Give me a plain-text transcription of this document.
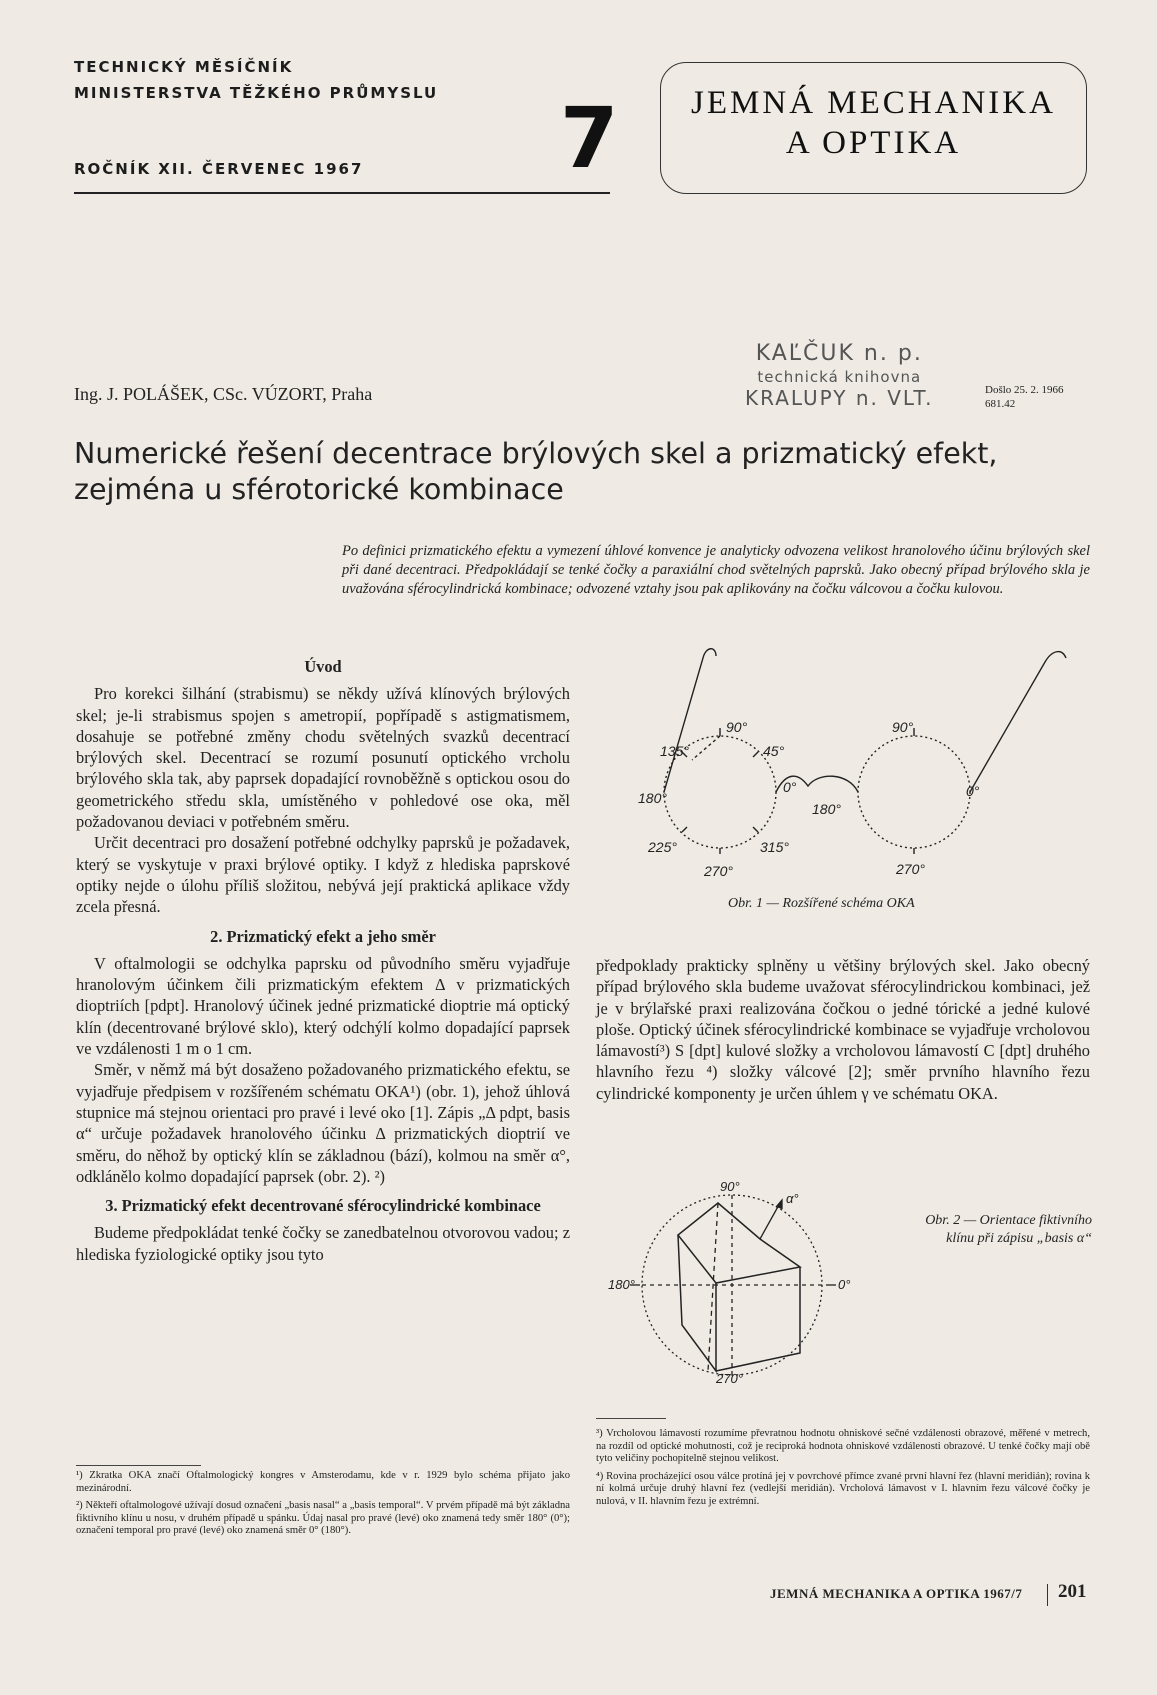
TECHNICKÝ MĚSÍČNÍK
MINISTERSTVA TĚŽKÉHO PRŮMYSLU
ROČNÍK XII. ČERVENEC 1967 7	JEMNÁ MECHANIKA
A OPTIKA
Ing. J. POLÁŠEK, CSc. VÚZORT, Praha
KAĽČUK n. p.
technická knihovna
KRALUPY n. VLT.	Došlo 25. 2. 1966
681.42
Numerické řešení decentrace brýlových skel a prizmatický efekt, zejména u sférotorické kombinace
Po definici prizmatického efektu a vymezení úhlové konvence je analyticky odvozena velikost hranolového účinu brýlových skel při dané decentraci. Předpokládají se tenké čočky a paraxiální chod světelných paprsků. Jako obecný případ brýlového skla je uvažována sférocylindrická kombinace; odvozené vztahy jsou pak aplikovány na čočku válcovou a čočku kulovou.
Úvod

Pro korekci šilhání (strabismu) se někdy užívá klínových brýlových skel; je-li strabismus spojen s ametropií, popřípadě s astigmatismem, dosahuje se potřebné změny chodu světelných svazků decentrací brýlových skel. Decentrací se rozumí posunutí optického vrcholu brýlového skla tak, aby paprsek dopadající rovnoběžně s optickou osou do geometrického středu skla, umístěného v pohledové ose oka, měl požadovanou deviaci v potřebném směru.

Určit decentraci pro dosažení potřebné odchylky paprsků je požadavek, který se vyskytuje v praxi brýlové optiky. I když z hlediska paprskové optiky nejde o úlohu příliš složitou, nebývá její praktická aplikace vždy zcela přesná.

2. Prizmatický efekt a jeho směr

V oftalmologii se odchylka paprsku od původního směru vyjadřuje hranolovým účinkem čili prizmatickým efektem Δ v prizmatických dioptriích [pdpt]. Hranolový účinek jedné prizmatické dioptrie má optický klín (decentrované brýlové sklo), který odchýlí kolmo dopadající paprsek ve vzdálenosti 1 m o 1 cm.

Směr, v němž má být dosaženo požadovaného prizmatického efektu, se vyjadřuje předpisem v rozšířeném schématu OKA¹) (obr. 1), jehož úhlová stupnice má stejnou orientaci pro pravé i levé oko [1]. Zápis „Δ pdpt, basis α“ určuje požadavek hranolového účinku Δ prizmatických dioptrií ve směru, do něhož by optický klín se základnou (bází), kolmou na směr α°, odklánělo kolmo dopadající paprsek (obr. 2). ²)

3. Prizmatický efekt decentrované sférocylindrické kombinace

Budeme předpokládat tenké čočky se zanedbatelnou otvorovou vadou; z hlediska fyziologické optiky jsou tyto

90°
135°	45°
180°
0°
225°	315°
270°
180°
90°
0°
270°
Obr. 1 — Rozšířené schéma OKA

předpoklady prakticky splněny u většiny brýlových skel. Jako obecný případ brýlového skla budeme uvažovat sférocylindrickou kombinaci, jež je v brýlařské praxi realizována čočkou o jedné tórické a jedné kulové ploše. Optický účinek sférocylindrické kombinace se vyjadřuje vrcholovou lámavostí³) S [dpt] kulové složky a vrcholovou lámavostí C [dpt] druhého hlavního řezu ⁴) složky válcové [2]; směr prvního hlavního řezu cylindrické komponenty je určen úhlem γ ve schématu OKA.

90°
α°
180°	0°
270°
Obr. 2 — Orientace fiktivního
klínu při zápisu „basis α“

¹) Zkratka OKA značí Oftalmologický kongres v Amsterodamu, kde v r. 1929 bylo schéma přijato jako mezinárodní.

²) Někteří oftalmologové užívají dosud označení „basis nasal“ a „basis temporal“. V prvém případě má být základna fiktivního klínu u nosu, v druhém případě u spánku. Údaj nasal pro pravé (levé) oko znamená tedy směr 180° (0°); označení temporal pro pravé (levé) oko znamená směr 0° (180°).

³) Vrcholovou lámavostí rozumíme převratnou hodnotu ohniskové sečné vzdálenosti obrazové, měřené v metrech, na rozdíl od optické mohutnosti, což je reciproká hodnota ohniskové vzdálenosti obrazové. U tenké čočky mají obě tyto veličiny pochopitelně stejnou velikost.

⁴) Rovina procházející osou válce protíná jej v povrchové přímce zvané první hlavní řez (hlavní meridián); rovina k ní kolmá určuje druhý hlavní řez (vedlejší meridián). Vrcholová lámavost v I. hlavním řezu válcové čočky je nulová, v II. hlavním řezu je extrémní.

JEMNÁ MECHANIKA A OPTIKA 1967/7 201
